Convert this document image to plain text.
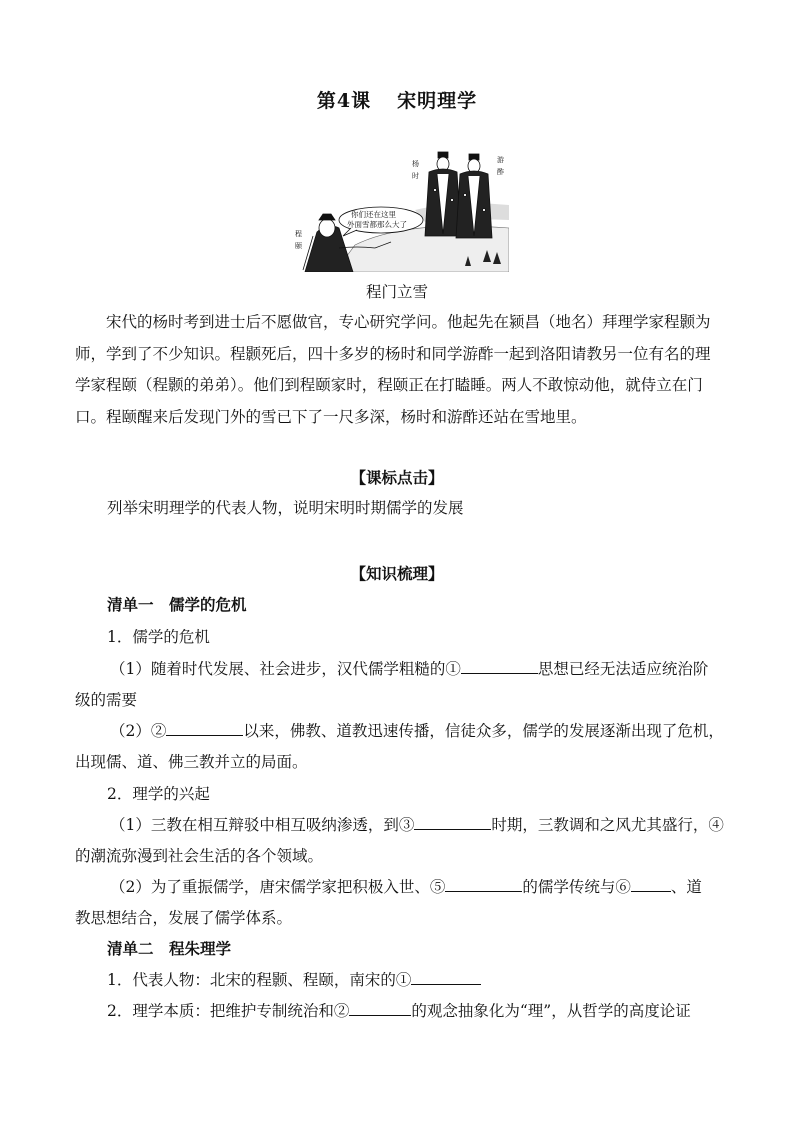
第4课 宋明理学
你们还在这里
外面雪都那么大了
杨
时
游
酢
程
颐
程门立雪

宋代的杨时考到进士后不愿做官，专心研究学问。他起先在颍昌（地名）拜理学家程颢为师，学到了不少知识。程颢死后，四十多岁的杨时和同学游酢一起到洛阳请教另一位有名的理学家程颐（程颢的弟弟）。他们到程颐家时，程颐正在打瞌睡。两人不敢惊动他，就侍立在门口。程颐醒来后发现门外的雪已下了一尺多深，杨时和游酢还站在雪地里。

【课标点击】
列举宋明理学的代表人物，说明宋明时期儒学的发展
【知识梳理】
清单一　儒学的危机
1．儒学的危机
（1）随着时代发展、社会进步，汉代儒学粗糙的①	思想已经无法适应统治阶
级的需要
（2）②	以来，佛教、道教迅速传播，信徒众多，儒学的发展逐渐出现了危机，
出现儒、道、佛三教并立的局面。
2．理学的兴起
（1）三教在相互辩驳中相互吸纳渗透，到③	时期，三教调和之风尤其盛行，④
的潮流弥漫到社会生活的各个领域。
（2）为了重振儒学，唐宋儒学家把积极入世、⑤	的儒学传统与⑥	、道
教思想结合，发展了儒学体系。
清单二　程朱理学
1．代表人物：北宋的程颢、程颐，南宋的①
2．理学本质：把维护专制统治和②	的观念抽象化为“理”，从哲学的高度论证
